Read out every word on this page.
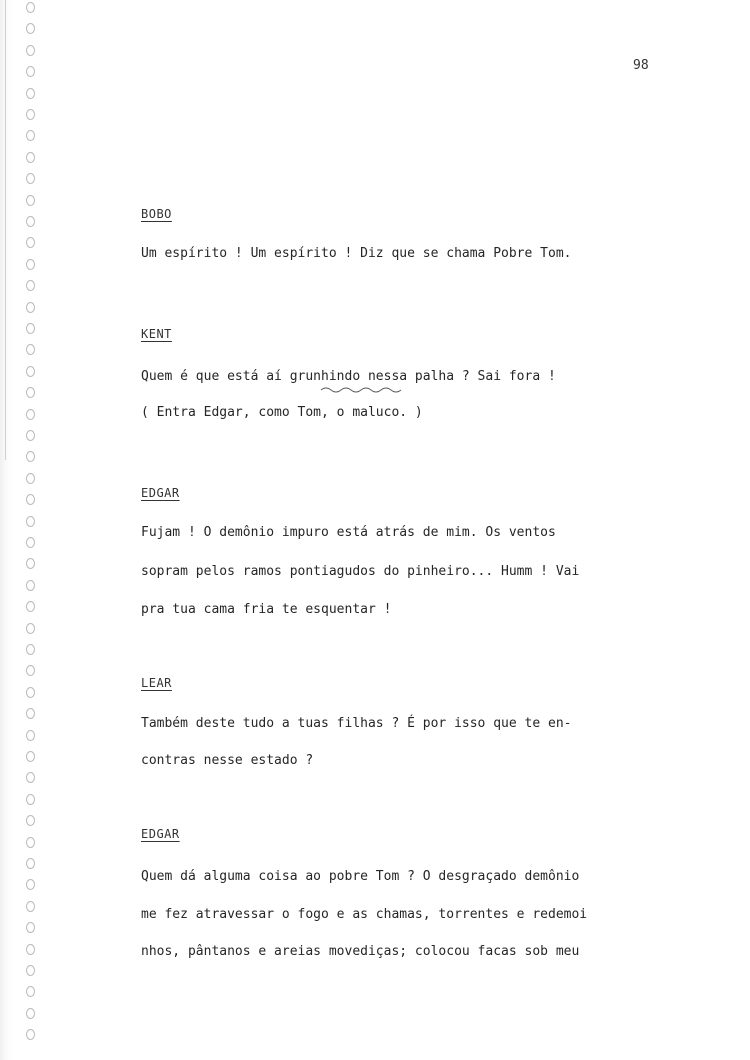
98
BOBO
Um espírito ! Um espírito ! Diz que se chama Pobre Tom.
KENT
Quem é que está aí grunhindo nessa palha ? Sai fora !
( Entra Edgar, como Tom, o maluco. )
EDGAR
Fujam ! O demônio impuro está atrás de mim. Os ventos
sopram pelos ramos pontiagudos do pinheiro... Humm ! Vai
pra tua cama fria te esquentar !
LEAR
Também deste tudo a tuas filhas ? É por isso que te en-
contras nesse estado ?
EDGAR
Quem dá alguma coisa ao pobre Tom ? O desgraçado demônio
me fez atravessar o fogo e as chamas, torrentes e redemoi
nhos, pântanos e areias movediças; colocou facas sob meu
